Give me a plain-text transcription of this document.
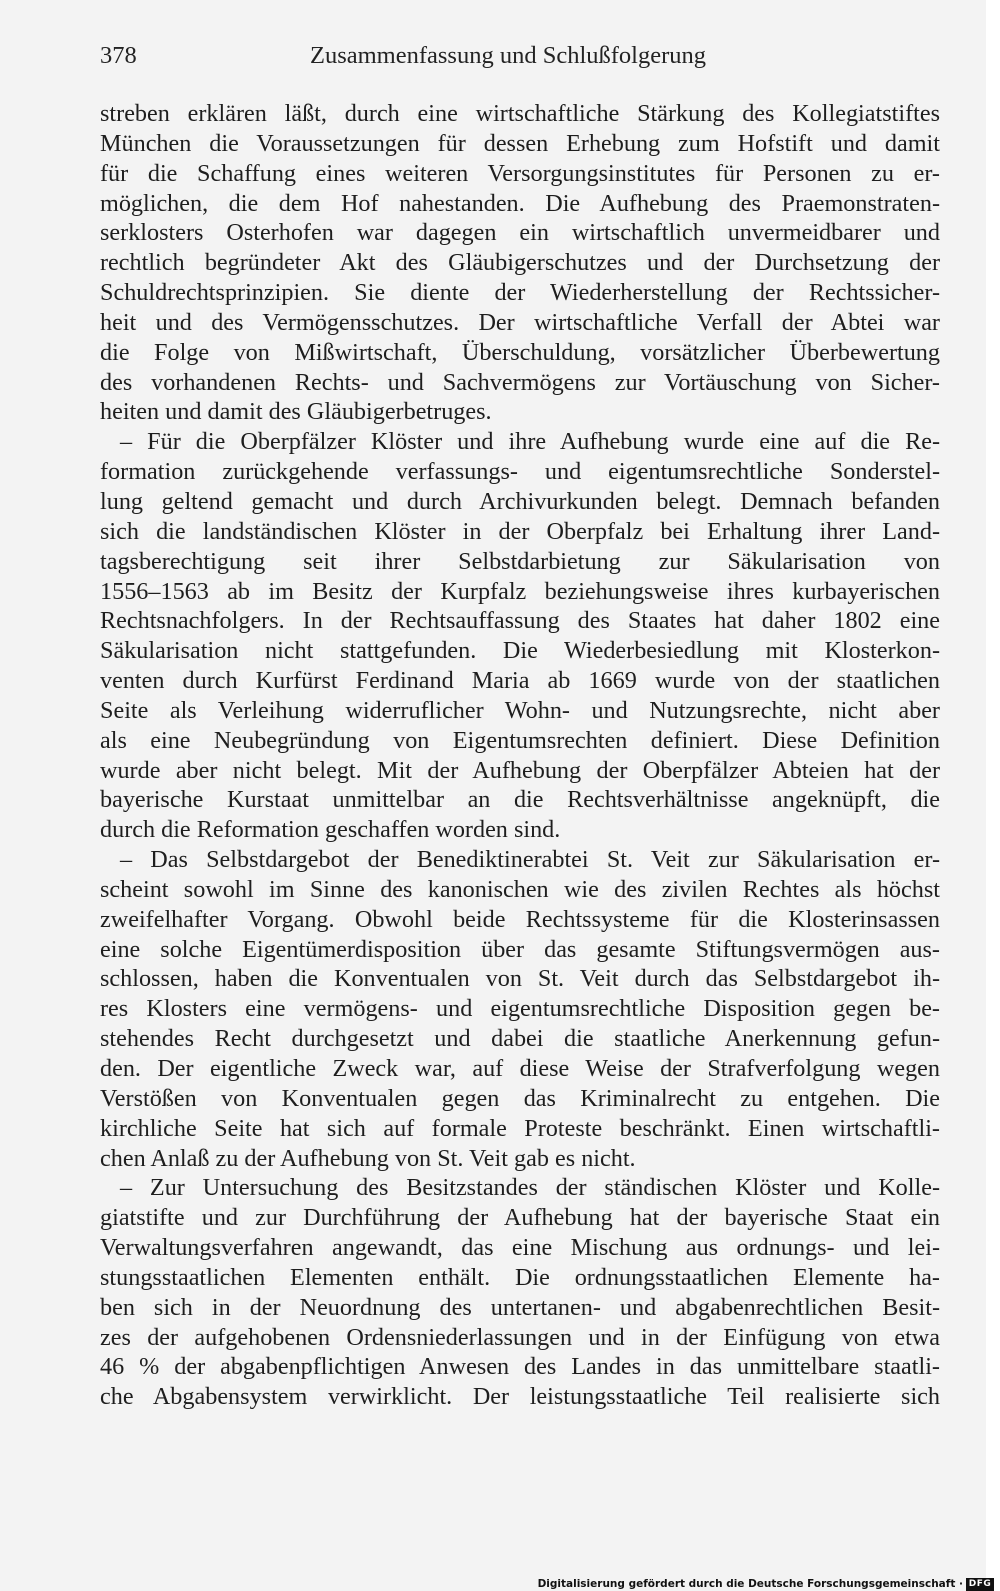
378	Zusammenfassung und Schlußfolgerung
streben erklären läßt, durch eine wirtschaftliche Stärkung des Kollegiatstiftes
München die Voraussetzungen für dessen Erhebung zum Hofstift und damit
für die Schaffung eines weiteren Versorgungsinstitutes für Personen zu er-
möglichen, die dem Hof nahestanden. Die Aufhebung des Praemonstraten-
serklosters Osterhofen war dagegen ein wirtschaftlich unvermeidbarer und
rechtlich begründeter Akt des Gläubigerschutzes und der Durchsetzung der
Schuldrechtsprinzipien. Sie diente der Wiederherstellung der Rechtssicher-
heit und des Vermögensschutzes. Der wirtschaftliche Verfall der Abtei war
die Folge von Mißwirtschaft, Überschuldung, vorsätzlicher Überbewertung
des vorhandenen Rechts- und Sachvermögens zur Vortäuschung von Sicher-
heiten und damit des Gläubigerbetruges.
– Für die Oberpfälzer Klöster und ihre Aufhebung wurde eine auf die Re-
formation zurückgehende verfassungs- und eigentumsrechtliche Sonderstel-
lung geltend gemacht und durch Archivurkunden belegt. Demnach befanden
sich die landständischen Klöster in der Oberpfalz bei Erhaltung ihrer Land-
tagsberechtigung seit ihrer Selbstdarbietung zur Säkularisation von
1556–1563 ab im Besitz der Kurpfalz beziehungsweise ihres kurbayerischen
Rechtsnachfolgers. In der Rechtsauffassung des Staates hat daher 1802 eine
Säkularisation nicht stattgefunden. Die Wiederbesiedlung mit Klosterkon-
venten durch Kurfürst Ferdinand Maria ab 1669 wurde von der staatlichen
Seite als Verleihung widerruflicher Wohn- und Nutzungsrechte, nicht aber
als eine Neubegründung von Eigentumsrechten definiert. Diese Definition
wurde aber nicht belegt. Mit der Aufhebung der Oberpfälzer Abteien hat der
bayerische Kurstaat unmittelbar an die Rechtsverhältnisse angeknüpft, die
durch die Reformation geschaffen worden sind.
– Das Selbstdargebot der Benediktinerabtei St. Veit zur Säkularisation er-
scheint sowohl im Sinne des kanonischen wie des zivilen Rechtes als höchst
zweifelhafter Vorgang. Obwohl beide Rechtssysteme für die Klosterinsassen
eine solche Eigentümerdisposition über das gesamte Stiftungsvermögen aus-
schlossen, haben die Konventualen von St. Veit durch das Selbstdargebot ih-
res Klosters eine vermögens- und eigentumsrechtliche Disposition gegen be-
stehendes Recht durchgesetzt und dabei die staatliche Anerkennung gefun-
den. Der eigentliche Zweck war, auf diese Weise der Strafverfolgung wegen
Verstößen von Konventualen gegen das Kriminalrecht zu entgehen. Die
kirchliche Seite hat sich auf formale Proteste beschränkt. Einen wirtschaftli-
chen Anlaß zu der Aufhebung von St. Veit gab es nicht.
– Zur Untersuchung des Besitzstandes der ständischen Klöster und Kolle-
giatstifte und zur Durchführung der Aufhebung hat der bayerische Staat ein
Verwaltungsverfahren angewandt, das eine Mischung aus ordnungs- und lei-
stungsstaatlichen Elementen enthält. Die ordnungsstaatlichen Elemente ha-
ben sich in der Neuordnung des untertanen- und abgabenrechtlichen Besit-
zes der aufgehobenen Ordensniederlassungen und in der Einfügung von etwa
46 % der abgabenpflichtigen Anwesen des Landes in das unmittelbare staatli-
che Abgabensystem verwirklicht. Der leistungsstaatliche Teil realisierte sich
Digitalisierung gefördert durch die Deutsche Forschungsgemeinschaft · DFG
